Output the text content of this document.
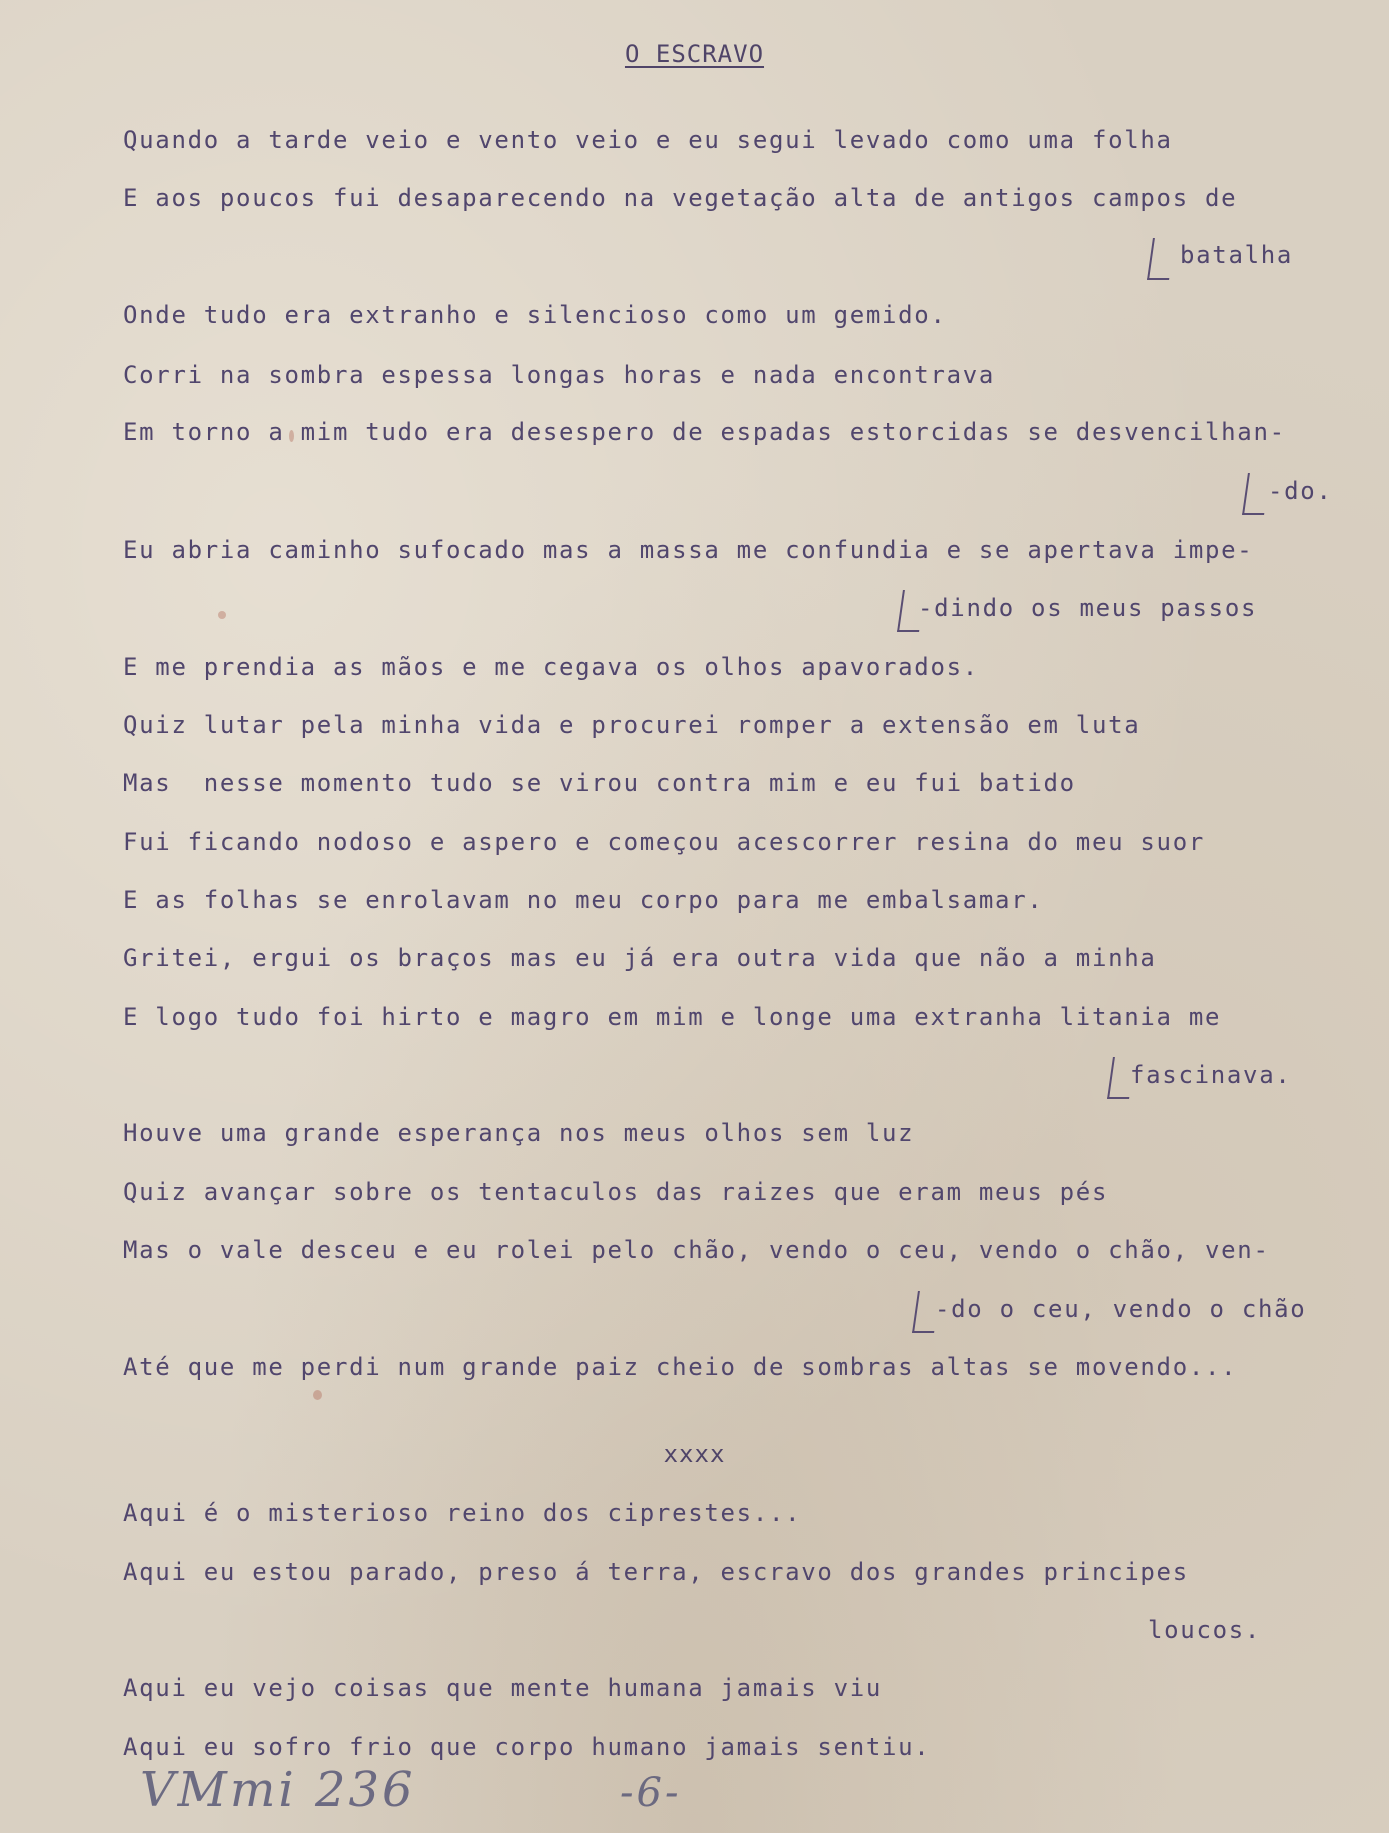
O ESCRAVO
Quando a tarde veio e vento veio e eu segui levado como uma folha
E aos poucos fui desaparecendo na vegetação alta de antigos campos de
batalha
Onde tudo era extranho e silencioso como um gemido.
Corri na sombra espessa longas horas e nada encontrava
Em torno a mim tudo era desespero de espadas estorcidas se desvencilhan-
-do.
Eu abria caminho sufocado mas a massa me confundia e se apertava impe-
-dindo os meus passos
E me prendia as mãos e me cegava os olhos apavorados.
Quiz lutar pela minha vida e procurei romper a extensão em luta
Mas  nesse momento tudo se virou contra mim e eu fui batido
Fui ficando nodoso e aspero e começou acescorrer resina do meu suor
E as folhas se enrolavam no meu corpo para me embalsamar.
Gritei, ergui os braços mas eu já era outra vida que não a minha
E logo tudo foi hirto e magro em mim e longe uma extranha litania me
fascinava.
Houve uma grande esperança nos meus olhos sem luz
Quiz avançar sobre os tentaculos das raizes que eram meus pés
Mas o vale desceu e eu rolei pelo chão, vendo o ceu, vendo o chão, ven-
-do o ceu, vendo o chão
Até que me perdi num grande paiz cheio de sombras altas se movendo...
xxxx
Aqui é o misterioso reino dos ciprestes...
Aqui eu estou parado, preso á terra, escravo dos grandes principes
loucos.
Aqui eu vejo coisas que mente humana jamais viu
Aqui eu sofro frio que corpo humano jamais sentiu.
VMmi 236	-6-
